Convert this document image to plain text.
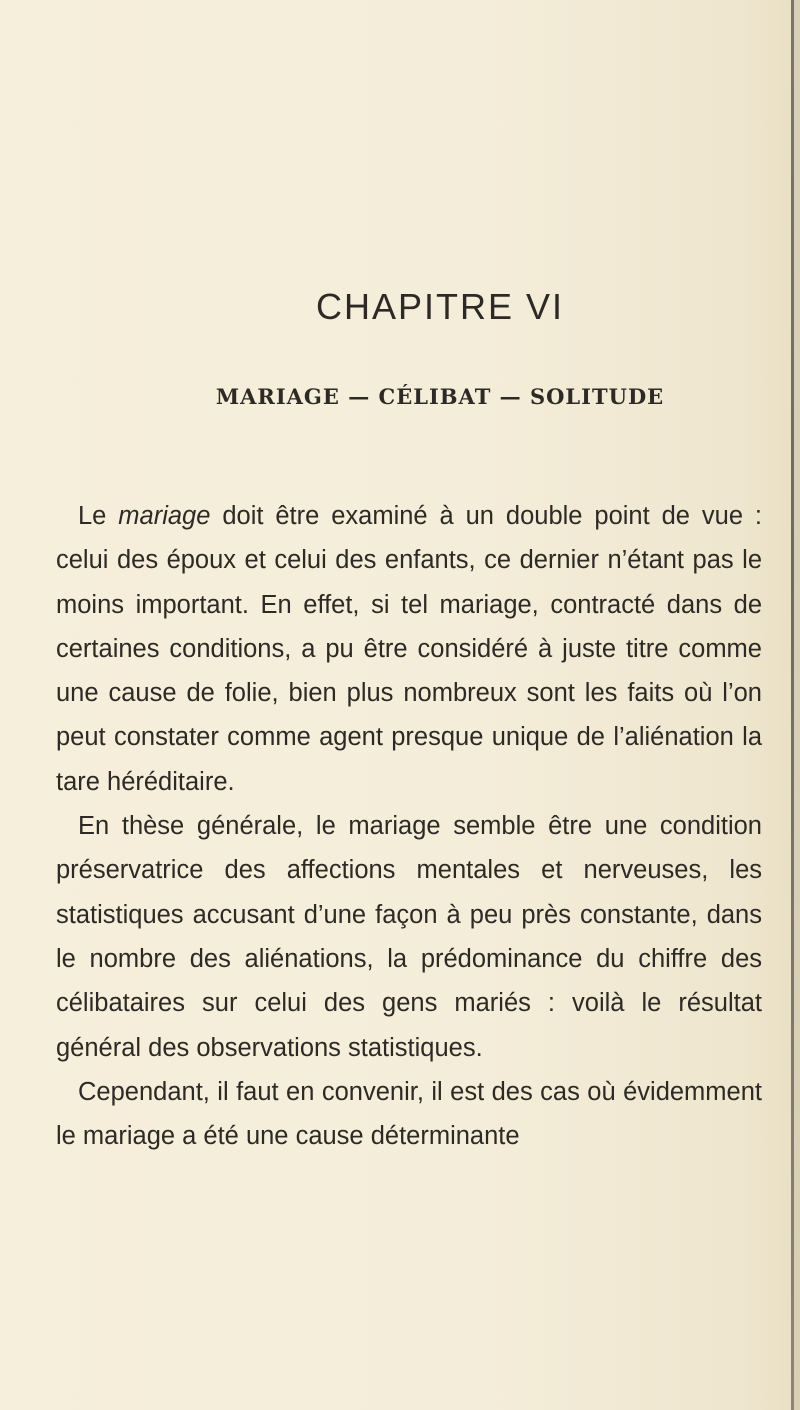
CHAPITRE VI
MARIAGE — CÉLIBAT — SOLITUDE

Le mariage doit être examiné à un double point de vue : celui des époux et celui des enfants, ce dernier n’étant pas le moins important. En effet, si tel mariage, contracté dans de certaines conditions, a pu être considéré à juste titre comme une cause de folie, bien plus nombreux sont les faits où l’on peut constater comme agent presque unique de l’aliénation la tare héréditaire.

En thèse générale, le mariage semble être une condition préservatrice des affections mentales et nerveuses, les statistiques accusant d’une façon à peu près constante, dans le nombre des aliénations, la prédominance du chiffre des célibataires sur celui des gens mariés : voilà le résultat général des observations statistiques.

Cependant, il faut en convenir, il est des cas où évidemment le mariage a été une cause déterminante
